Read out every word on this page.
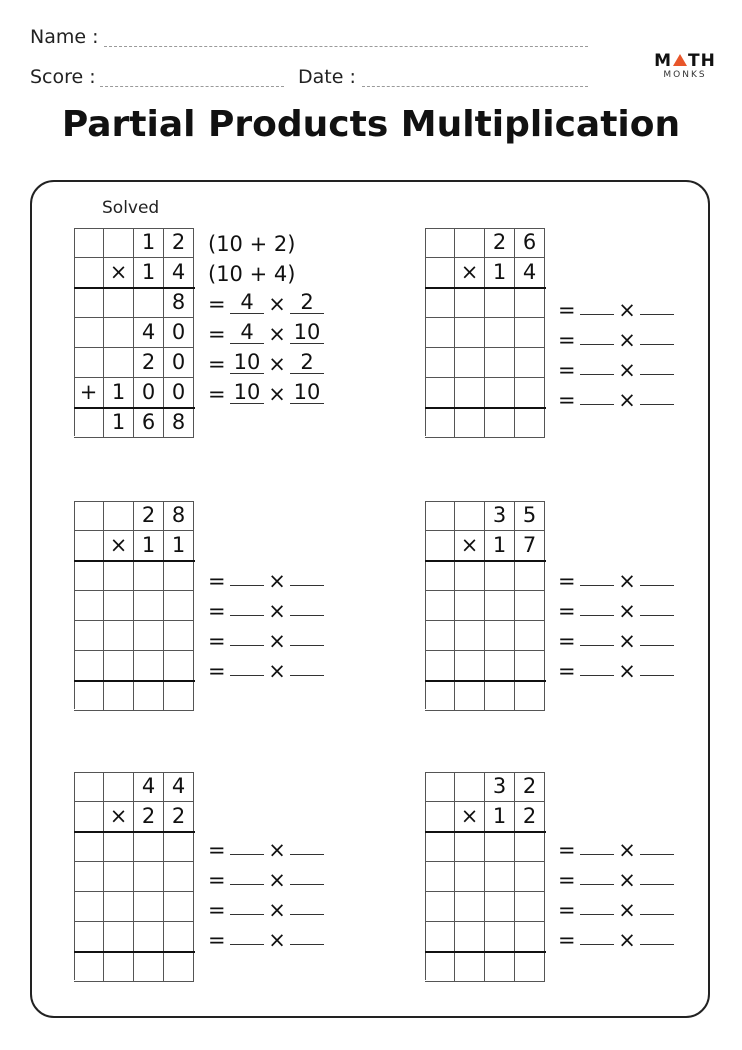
Name :
Score :	Date :
M TH
MONKS
Partial Products Multiplication
Solved
1 2
× 1 4
8
4 0
2 0
+ 1 0 0
1 6 8
(10 + 2)
(10 + 4)
= 4 × 2
= 4 × 10
= 10 × 2
= 10 × 10
2 6
× 1 4
= ×
= ×
= ×
= ×
2 8
× 1 1
= ×
= ×
= ×
= ×
3 5
× 1 7
= ×
= ×
= ×
= ×
4 4
× 2 2
= ×
= ×
= ×
= ×
3 2
× 1 2
= ×
= ×
= ×
= ×
